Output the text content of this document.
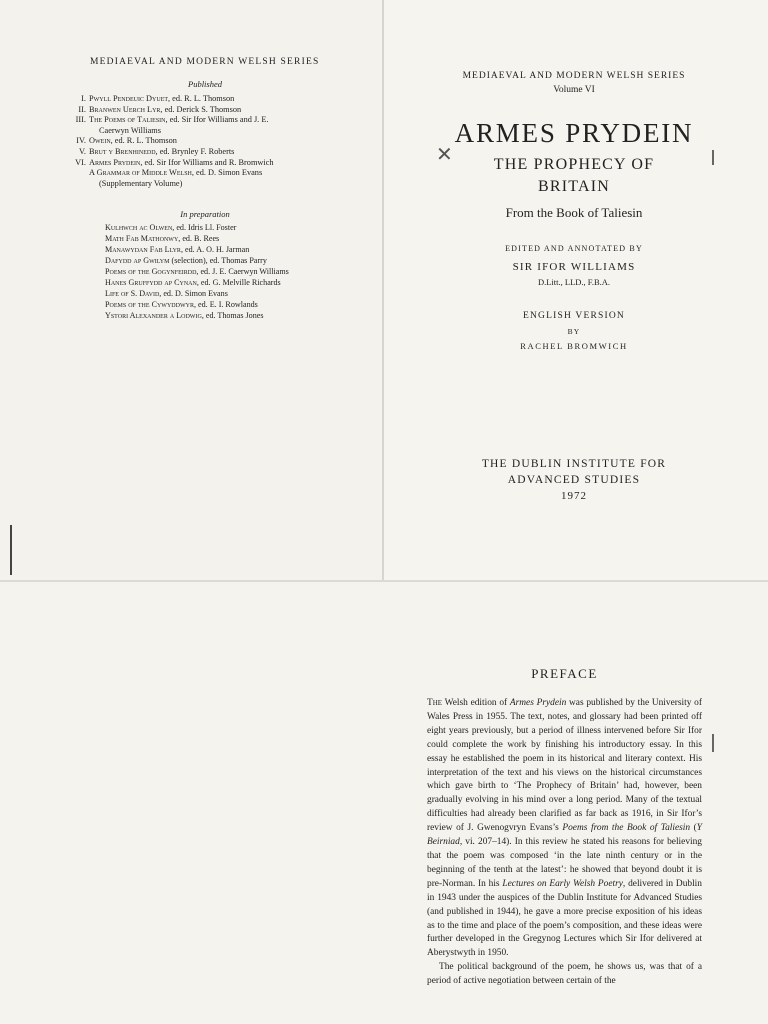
MEDIAEVAL AND MODERN WELSH SERIES
Published
I. Pwyll Pendeuic Dyuet, ed. R. L. Thomson
II. Branwen Uerch Lyr, ed. Derick S. Thomson
III. The Poems of Taliesin, ed. Sir Ifor Williams and J. E.
Caerwyn Williams
IV. Owein, ed. R. L. Thomson
V. Brut y Brenhinedd, ed. Brynley F. Roberts
VI. Armes Prydein, ed. Sir Ifor Williams and R. Bromwich
A Grammar of Middle Welsh, ed. D. Simon Evans
(Supplementary Volume)
In preparation
Kulhwch ac Olwen, ed. Idris Ll. Foster
Math Fab Mathonwy, ed. B. Rees
Manawydan Fab Llyr, ed. A. O. H. Jarman
Dafydd ap Gwilym (selection), ed. Thomas Parry
Poems of the Gogynfeirdd, ed. J. E. Caerwyn Williams
Hanes Gruffydd ap Cynan, ed. G. Melville Richards
Life of S. David, ed. D. Simon Evans
Poems of the Cywyddwyr, ed. E. I. Rowlands
Ystori Alexander a Lodwig, ed. Thomas Jones
MEDIAEVAL AND MODERN WELSH SERIES
Volume VI
ARMES PRYDEIN
✕	THE PROPHECY OF
BRITAIN
From the Book of Taliesin
EDITED AND ANNOTATED BY
SIR IFOR WILLIAMS
D.Litt., LLD., F.B.A.
ENGLISH VERSION
BY
RACHEL BROMWICH
THE DUBLIN INSTITUTE FOR
ADVANCED STUDIES
1972
PREFACE

The Welsh edition of Armes Prydein was published by the University of Wales Press in 1955. The text, notes, and glossary had been printed off eight years previously, but a period of illness intervened before Sir Ifor could complete the work by finishing his introductory essay. In this essay he established the poem in its historical and literary context. His interpretation of the text and his views on the historical circumstances which gave birth to ‘The Prophecy of Britain’ had, however, been gradually evolving in his mind over a long period. Many of the textual difficulties had already been clarified as far back as 1916, in Sir Ifor’s review of J. Gwenogvryn Evans’s Poems from the Book of Taliesin (Y Beirniad, vi. 207–14). In this review he stated his reasons for believing that the poem was composed ‘in the late ninth century or in the beginning of the tenth at the latest’: he showed that beyond doubt it is pre-Norman. In his Lectures on Early Welsh Poetry, delivered in Dublin in 1943 under the auspices of the Dublin Institute for Advanced Studies (and published in 1944), he gave a more precise exposition of his ideas as to the time and place of the poem’s composition, and these ideas were further developed in the Gregynog Lectures which Sir Ifor delivered at Aberystwyth in 1950.

The political background of the poem, he shows us, was that of a period of active negotiation between certain of the
